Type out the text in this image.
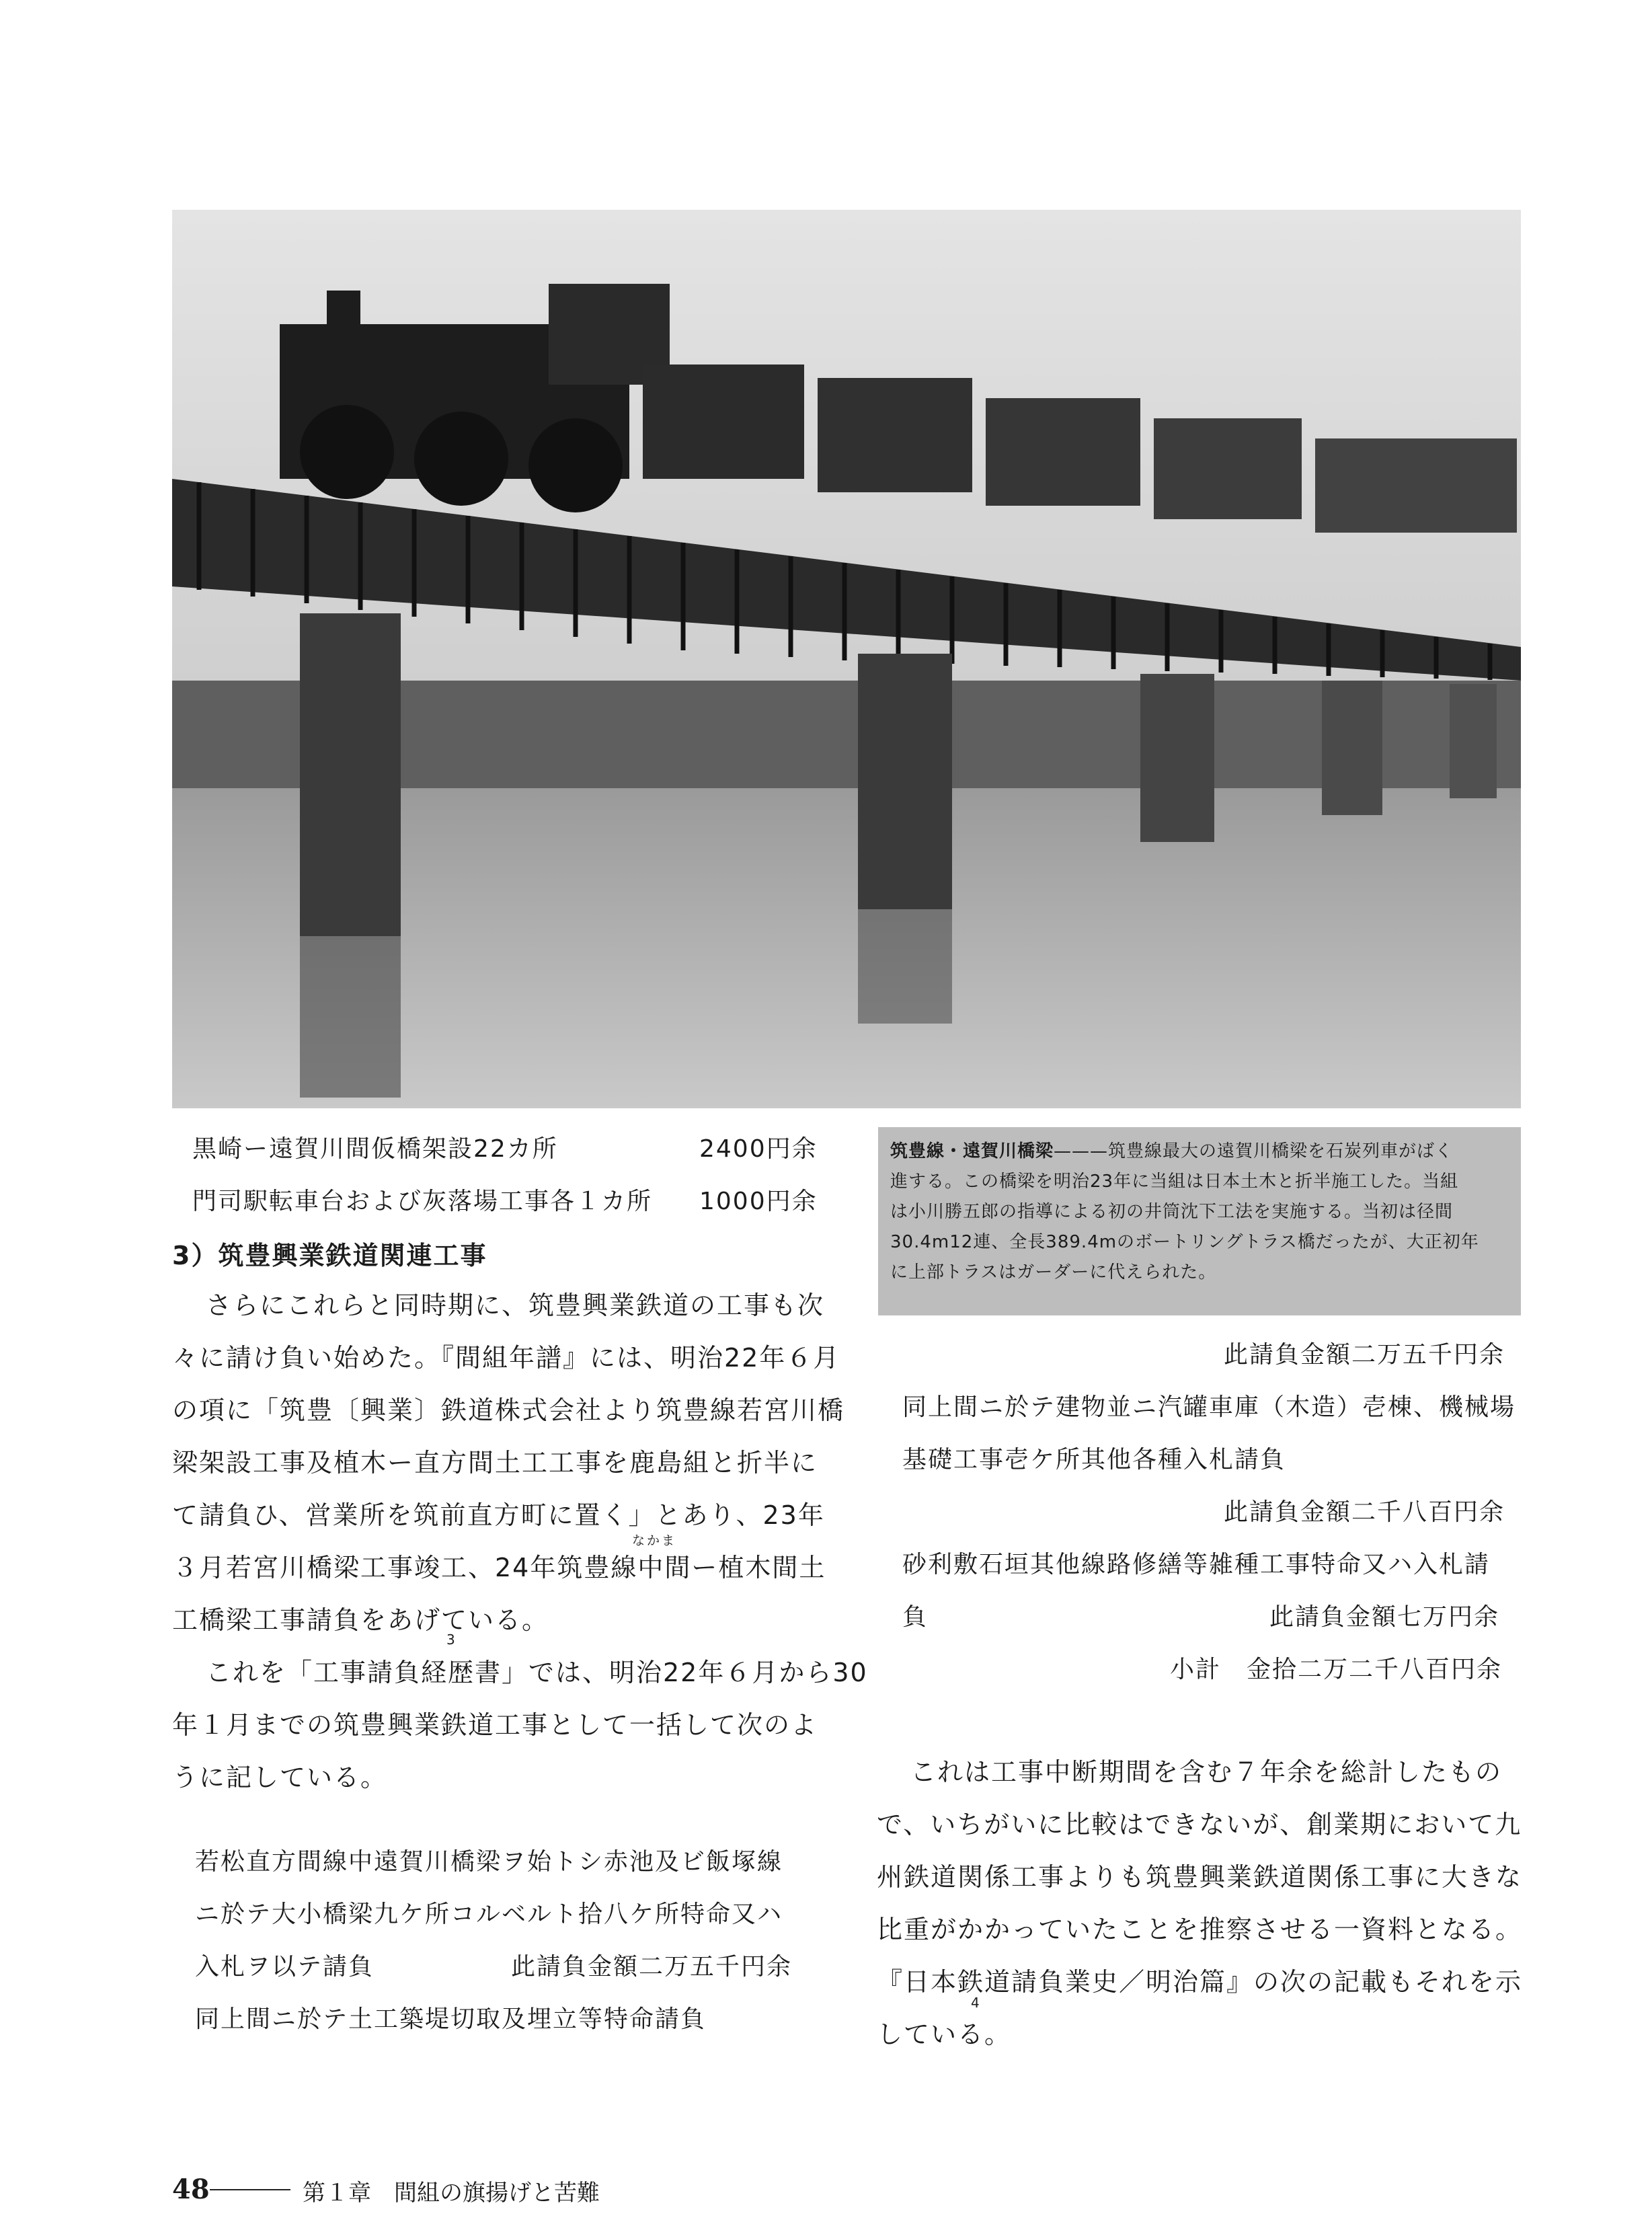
筑豊線・遠賀川橋梁———筑豊線最大の遠賀川橋梁を石炭列車がばく
進する。この橋梁を明治23年に当組は日本土木と折半施工した。当組
は小川勝五郎の指導による初の井筒沈下工法を実施する。当初は径間
30.4m12連、全長389.4mのボートリングトラス橋だったが、大正初年
に上部トラスはガーダーに代えられた。
黒崎ー遠賀川間仮橋架設22カ所	2400円余
門司駅転車台および灰落場工事各１カ所 1000円余
3）筑豊興業鉄道関連工事
さらにこれらと同時期に、筑豊興業鉄道の工事も次
々に請け負い始めた。『間組年譜』には、明治22年６月
の項に「筑豊〔興業〕鉄道株式会社より筑豊線若宮川橋
梁架設工事及植木ー直方間土工工事を鹿島組と折半に
て請負ひ、営業所を筑前直方町に置く」とあり、23年
なかま
３月若宮川橋梁工事竣工、24年筑豊線中間ー植木間土
工橋梁工事請負をあげている。
3
これを「工事請負経歴書」では、明治22年６月から30
年１月までの筑豊興業鉄道工事として一括して次のよ
うに記している。
若松直方間線中遠賀川橋梁ヲ始トシ赤池及ビ飯塚線
ニ於テ大小橋梁九ケ所コルベルト拾八ケ所特命又ハ
入札ヲ以テ請負	此請負金額二万五千円余
同上間ニ於テ土工築堤切取及埋立等特命請負
此請負金額二万五千円余
同上間ニ於テ建物並ニ汽罐車庫（木造）壱棟、機械場
基礎工事壱ケ所其他各種入札請負
此請負金額二千八百円余
砂利敷石垣其他線路修繕等雑種工事特命又ハ入札請
負	此請負金額七万円余
小計　金拾二万二千八百円余
これは工事中断期間を含む７年余を総計したもの
で、いちがいに比較はできないが、創業期において九
州鉄道関係工事よりも筑豊興業鉄道関係工事に大きな
比重がかかっていたことを推察させる一資料となる。
『日本鉄道請負業史／明治篇』の次の記載もそれを示
している。
4
48	第１章　間組の旗揚げと苦難
